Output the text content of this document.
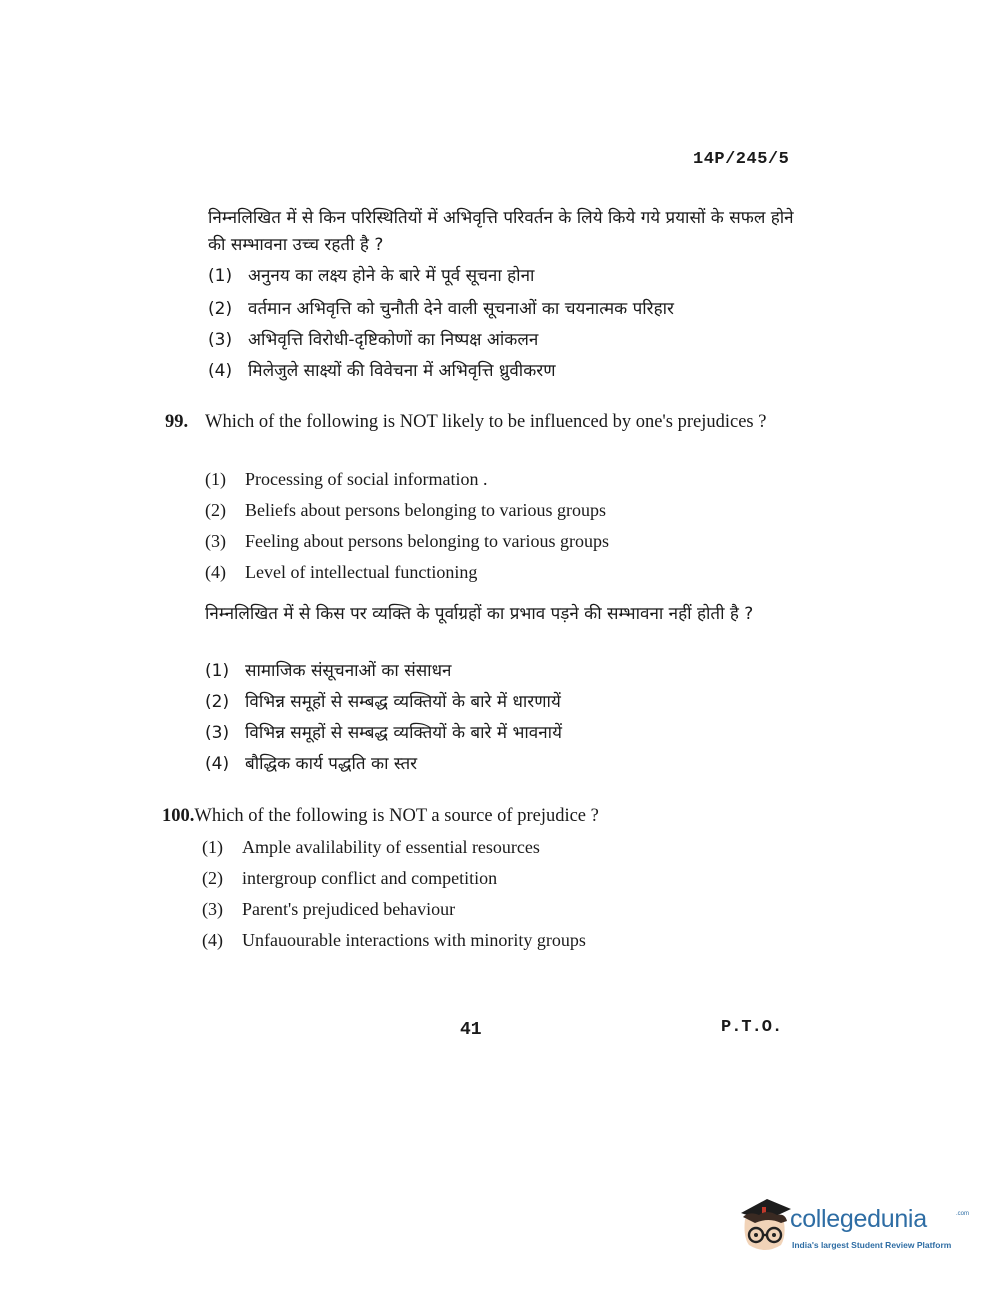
14P/245/5
निम्नलिखित में से किन परिस्थितियों में अभिवृत्ति परिवर्तन के लिये किये गये प्रयासों के सफल होने की सम्भावना उच्च रहती है ?
(1) अनुनय का लक्ष्य होने के बारे में पूर्व सूचना होना
(2) वर्तमान अभिवृत्ति को चुनौती देने वाली सूचनाओं का चयनात्मक परिहार
(3) अभिवृत्ति विरोधी-दृष्टिकोणों का निष्पक्ष आंकलन
(4) मिलेजुले साक्ष्यों की विवेचना में अभिवृत्ति ध्रुवीकरण
99. Which of the following is NOT likely to be influenced by one's prejudices ?
(1) Processing of social information .
(2) Beliefs about persons belonging to various groups
(3) Feeling about persons belonging to various groups
(4) Level of intellectual functioning
निम्नलिखित में से किस पर व्यक्ति के पूर्वाग्रहों का प्रभाव पड़ने की सम्भावना नहीं होती है ?
(1) सामाजिक संसूचनाओं का संसाधन
(2) विभिन्न समूहों से सम्बद्ध व्यक्तियों के बारे में धारणायें
(3) विभिन्न समूहों से सम्बद्ध व्यक्तियों के बारे में भावनायें
(4) बौद्धिक कार्य पद्धति का स्तर
100.Which of the following is NOT a source of prejudice ?
(1) Ample avalilability of essential resources
(2) intergroup conflict and competition
(3) Parent's prejudiced behaviour
(4) Unfauourable interactions with minority groups
41	P.T.O.
collegedunia	.com
India's largest Student Review Platform
